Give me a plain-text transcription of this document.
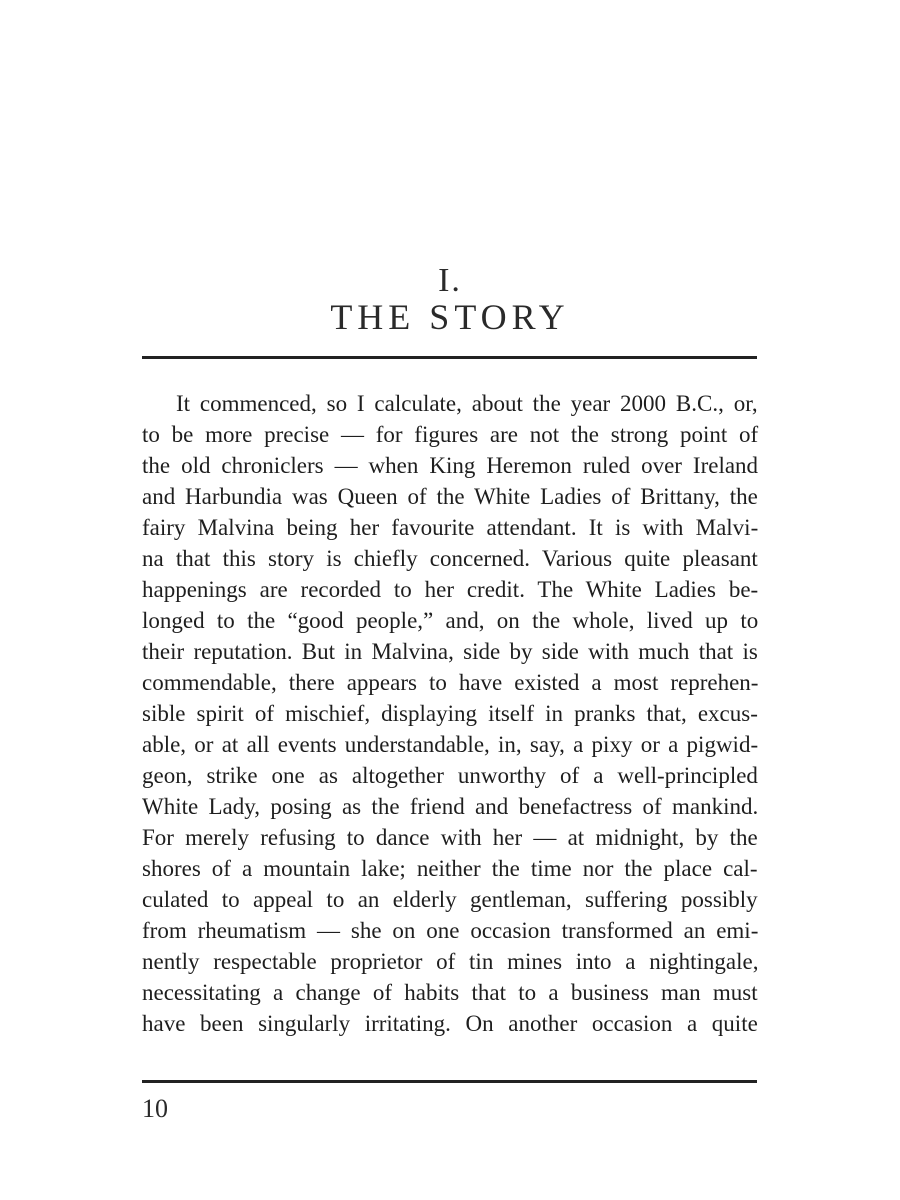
I.
THE STORY
It commenced, so I calculate, about the year 2000 B.C., or,
to be more precise — for figures are not the strong point of
the old chroniclers — when King Heremon ruled over Ireland
and Harbundia was Queen of the White Ladies of Brittany, the
fairy Malvina being her favourite attendant. It is with Malvi-
na that this story is chiefly concerned. Various quite pleasant
happenings are recorded to her credit. The White Ladies be-
longed to the “good people,” and, on the whole, lived up to
their reputation. But in Malvina, side by side with much that is
commendable, there appears to have existed a most reprehen-
sible spirit of mischief, displaying itself in pranks that, excus-
able, or at all events understandable, in, say, a pixy or a pigwid-
geon, strike one as altogether unworthy of a well-principled
White Lady, posing as the friend and benefactress of mankind.
For merely refusing to dance with her — at midnight, by the
shores of a mountain lake; neither the time nor the place cal-
culated to appeal to an elderly gentleman, suffering possibly
from rheumatism — she on one occasion transformed an emi-
nently respectable proprietor of tin mines into a nightingale,
necessitating a change of habits that to a business man must
have been singularly irritating. On another occasion a quite
10
